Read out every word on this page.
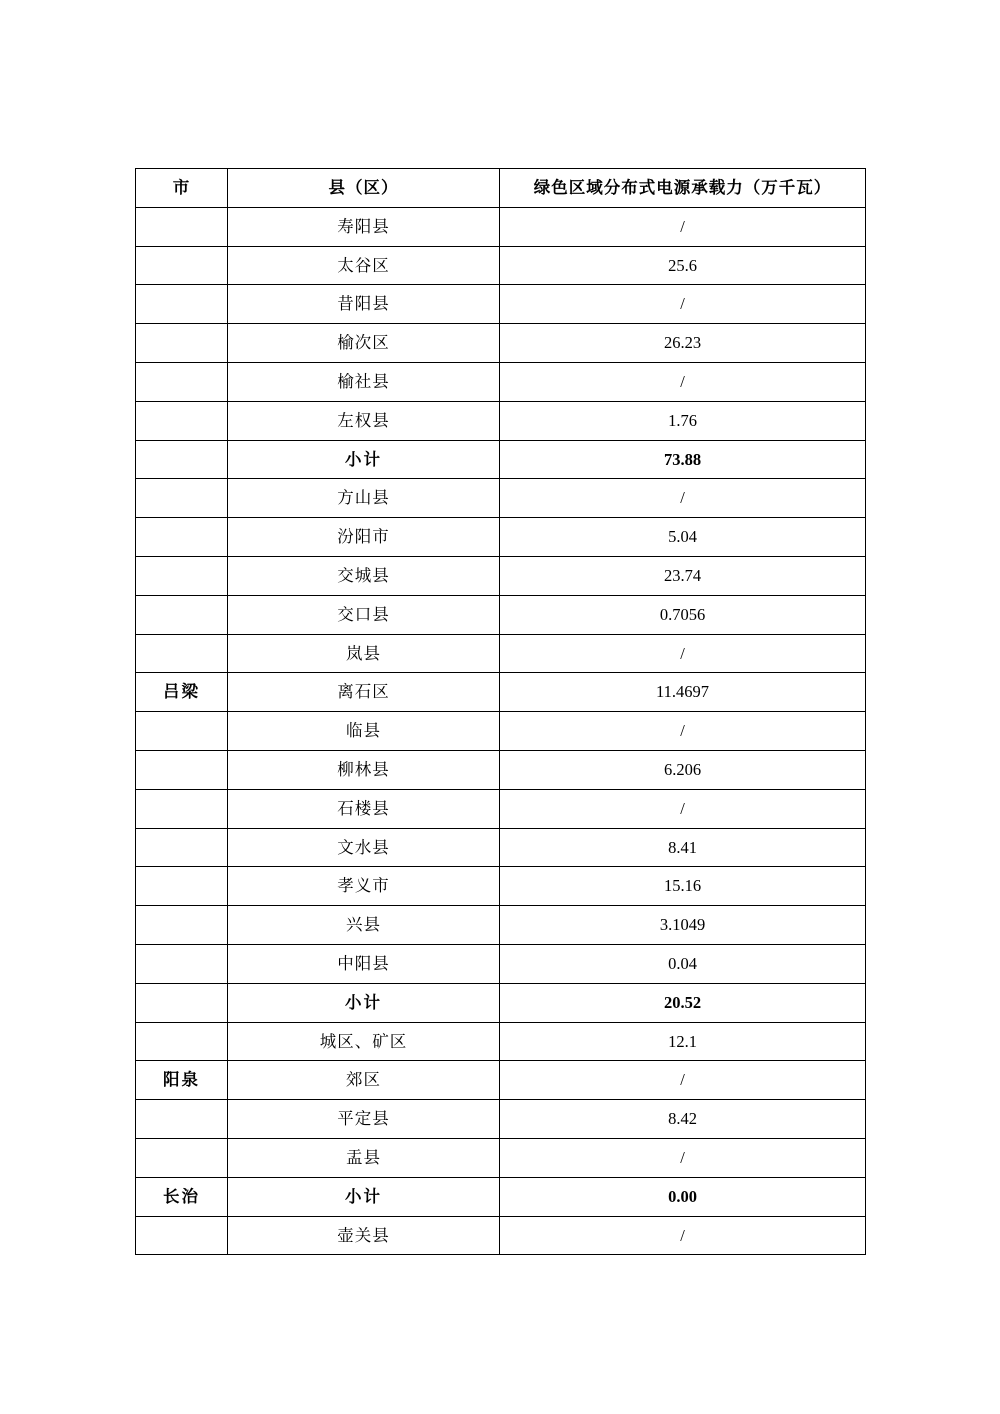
市	县（区）	绿色区域分布式电源承载力（万千瓦）
	寿阳县	/
	太谷区	25.6
	昔阳县	/
	榆次区	26.23
	榆社县	/
	左权县	1.76
	小计	73.88
	方山县	/
	汾阳市	5.04
	交城县	23.74
	交口县	0.7056
	岚县	/
吕梁	离石区	11.4697
	临县	/
	柳林县	6.206
	石楼县	/
	文水县	8.41
	孝义市	15.16
	兴县	3.1049
	中阳县	0.04
	小计	20.52
	城区、矿区	12.1
阳泉	郊区	/
	平定县	8.42
	盂县	/
长治	小计	0.00
	壶关县	/
